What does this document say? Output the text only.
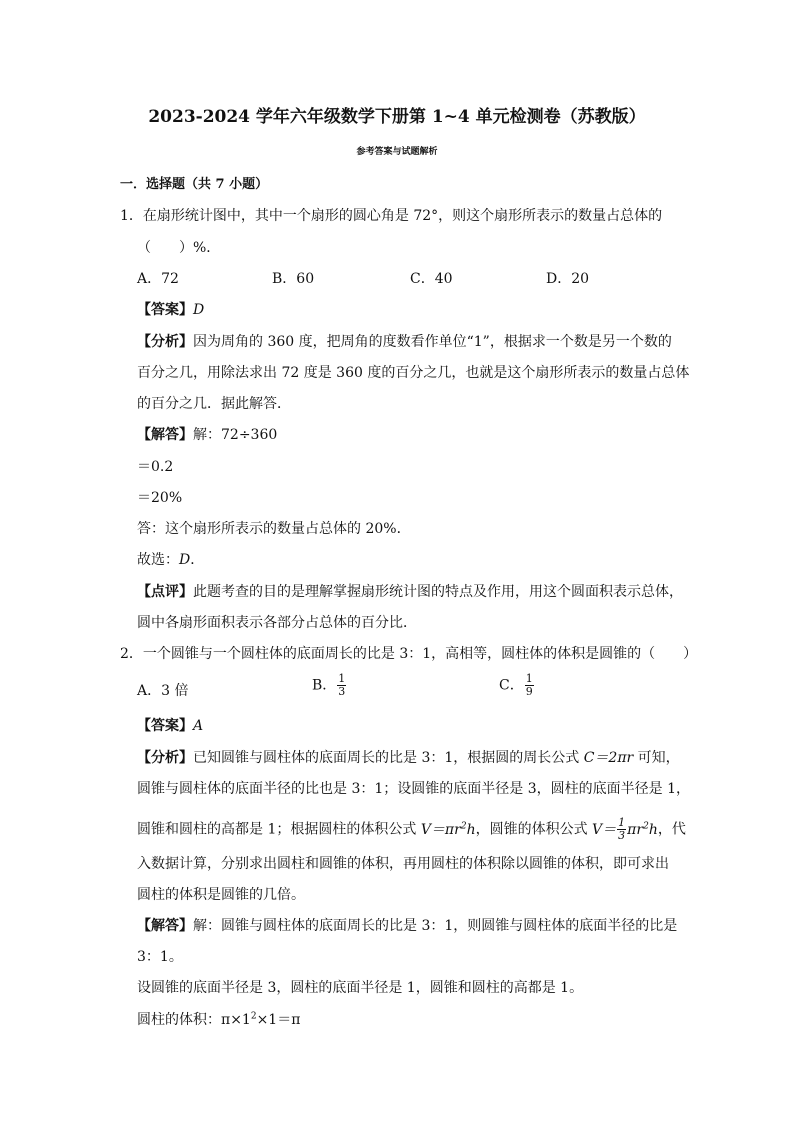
2023-2024 学年六年级数学下册第 1~4 单元检测卷（苏教版）
参考答案与试题解析
一．选择题（共 7 小题）
1．在扇形统计图中，其中一个扇形的圆心角是 72°，则这个扇形所表示的数量占总体的
（　　）%．
A．72	B．60	C．40	D．20
【答案】D
【分析】因为周角的 360 度，把周角的度数看作单位“1”，根据求一个数是另一个数的
百分之几，用除法求出 72 度是 360 度的百分之几，也就是这个扇形所表示的数量占总体
的百分之几．据此解答．
【解答】解：72÷360
＝0.2
＝20%
答：这个扇形所表示的数量占总体的 20%．
故选：D．
【点评】此题考查的目的是理解掌握扇形统计图的特点及作用，用这个圆面积表示总体，
圆中各扇形面积表示各部分占总体的百分比．
2．一个圆锥与一个圆柱体的底面周长的比是 3：1，高相等，圆柱体的体积是圆锥的（　　）
A．3 倍	B． $\frac{1}{3}$	C． $\frac{1}{9}$
【答案】A
【分析】已知圆锥与圆柱体的底面周长的比是 3：1，根据圆的周长公式 C＝2πr 可知，
圆锥与圆柱体的底面半径的比也是 3：1；设圆锥的底面半径是 3，圆柱的底面半径是 1，
圆锥和圆柱的高都是 1；根据圆柱的体积公式 $V=\pi r^2h$，圆锥的体积公式 $V= \frac{1}{3} \pi r^2h$，代
入数据计算，分别求出圆柱和圆锥的体积，再用圆柱的体积除以圆锥的体积，即可求出
圆柱的体积是圆锥的几倍。
【解答】解：圆锥与圆柱体的底面周长的比是 3：1，则圆锥与圆柱体的底面半径的比是
3：1。
设圆锥的底面半径是 3，圆柱的底面半径是 1，圆锥和圆柱的高都是 1。
圆柱的体积：$\pi\times 1^2\times 1=\pi$
